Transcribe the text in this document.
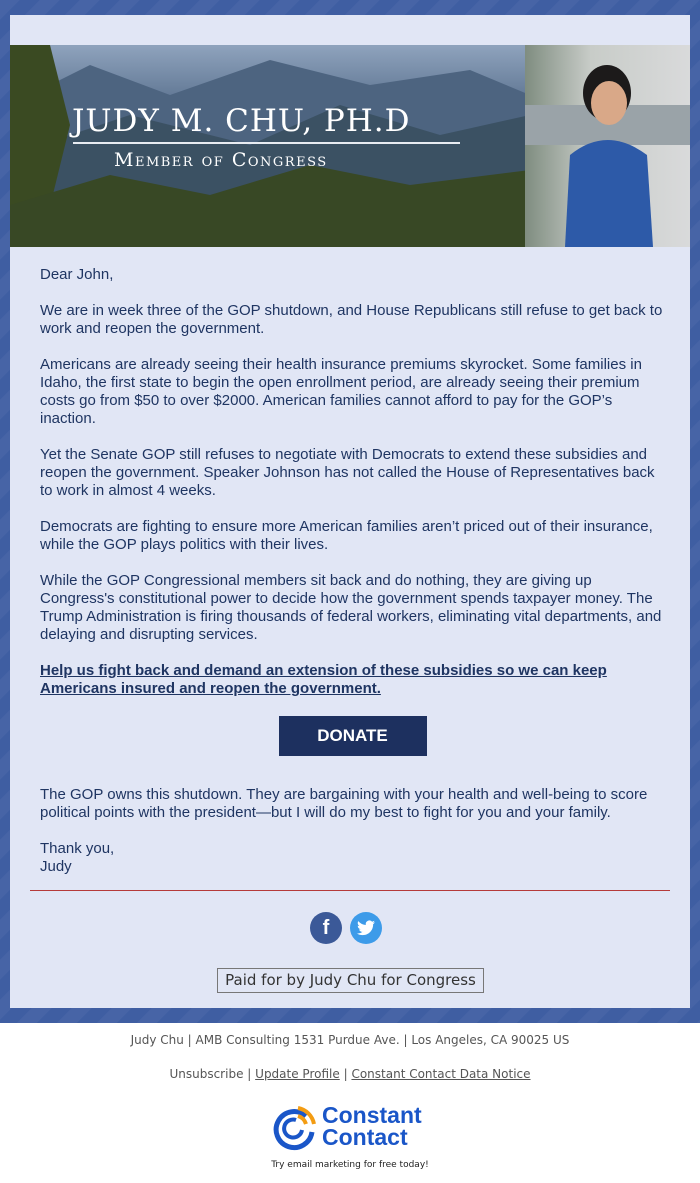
JUDY M. CHU, PH.D
Member of Congress

Dear John,

We are in week three of the GOP shutdown, and House Republicans still refuse to get back to work and reopen the government.

Americans are already seeing their health insurance premiums skyrocket. Some families in Idaho, the first state to begin the open enrollment period, are already seeing their premium costs go from $50 to over $2000. American families cannot afford to pay for the GOP’s inaction.

Yet the Senate GOP still refuses to negotiate with Democrats to extend these subsidies and reopen the government. Speaker Johnson has not called the House of Representatives back to work in almost 4 weeks.

Democrats are fighting to ensure more American families aren’t priced out of their insurance, while the GOP plays politics with their lives.

While the GOP Congressional members sit back and do nothing, they are giving up Congress's constitutional power to decide how the government spends taxpayer money. The Trump Administration is firing thousands of federal workers, eliminating vital departments, and delaying and disrupting services.

Help us fight back and demand an extension of these subsidies so we can keep Americans insured and reopen the government.

DONATE

The GOP owns this shutdown. They are bargaining with your health and well-being to score political points with the president—but I will do my best to fight for you and your family.

Thank you,
Judy

f
Paid for by Judy Chu for Congress
Judy Chu | AMB Consulting 1531 Purdue Ave. | Los Angeles, CA 90025 US
Unsubscribe | Update Profile | Constant Contact Data Notice
Constant
Contact
Try email marketing for free today!
